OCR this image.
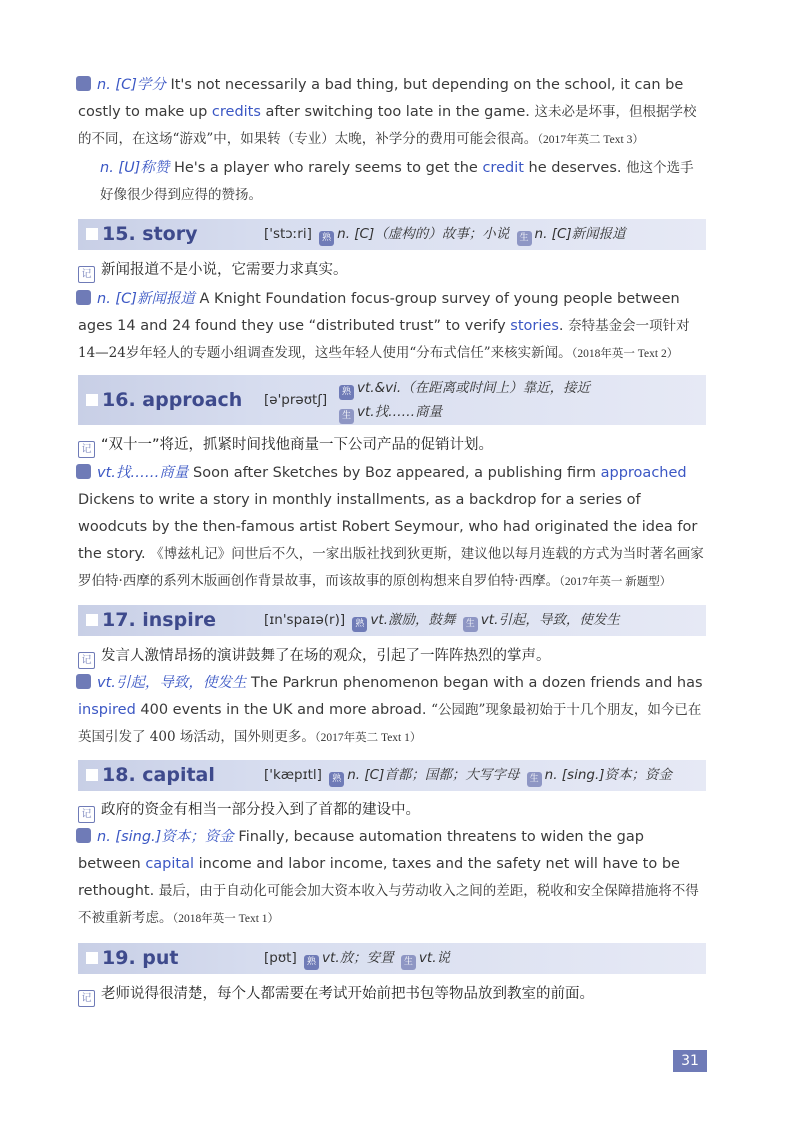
n. [C]学分 It's not necessarily a bad thing, but depending on the school, it can be costly to make up credits after switching too late in the game. 这未必是坏事，但根据学校的不同，在这场“游戏”中，如果转（专业）太晚，补学分的费用可能会很高。（2017年英二 Text 3）
n. [U]称赞 He's a player who rarely seems to get the credit he deserves. 他这个选手好像很少得到应得的赞扬。
15. story	['stɔːri] 熟 n. [C]（虚构的）故事；小说 生 n. [C]新闻报道
记 新闻报道不是小说，它需要力求真实。
n. [C]新闻报道 A Knight Foundation focus-group survey of young people between ages 14 and 24 found they use “distributed trust” to verify stories. 奈特基金会一项针对14—24岁年轻人的专题小组调查发现，这些年轻人使用“分布式信任”来核实新闻。（2018年英一 Text 2）
16. approach [ə'prəʊtʃ]	熟 vt.&vi.（在距离或时间上）靠近，接近
生 vt.找……商量
记 “双十一”将近，抓紧时间找他商量一下公司产品的促销计划。
vt.找……商量 Soon after Sketches by Boz appeared, a publishing firm approached Dickens to write a story in monthly installments, as a backdrop for a series of woodcuts by the then-famous artist Robert Seymour, who had originated the idea for the story. 《博兹札记》问世后不久，一家出版社找到狄更斯，建议他以每月连载的方式为当时著名画家罗伯特·西摩的系列木版画创作背景故事，而该故事的原创构想来自罗伯特·西摩。（2017年英一 新题型）
17. inspire	[ɪn'spaɪə(r)] 熟 vt.激励，鼓舞 生 vt.引起，导致，使发生
记 发言人激情昂扬的演讲鼓舞了在场的观众，引起了一阵阵热烈的掌声。
vt.引起，导致，使发生 The Parkrun phenomenon began with a dozen friends and has inspired 400 events in the UK and more abroad. “公园跑”现象最初始于十几个朋友，如今已在英国引发了 400 场活动，国外则更多。（2017年英二 Text 1）
18. capital	['kæpɪtl] 熟 n. [C]首都；国都；大写字母 生 n. [sing.]资本；资金
记 政府的资金有相当一部分投入到了首都的建设中。
n. [sing.]资本；资金 Finally, because automation threatens to widen the gap between capital income and labor income, taxes and the safety net will have to be rethought. 最后，由于自动化可能会加大资本收入与劳动收入之间的差距，税收和安全保障措施将不得不被重新考虑。（2018年英一 Text 1）
19. put	[pʊt] 熟 vt.放；安置 生 vt.说
记 老师说得很清楚，每个人都需要在考试开始前把书包等物品放到教室的前面。
31
